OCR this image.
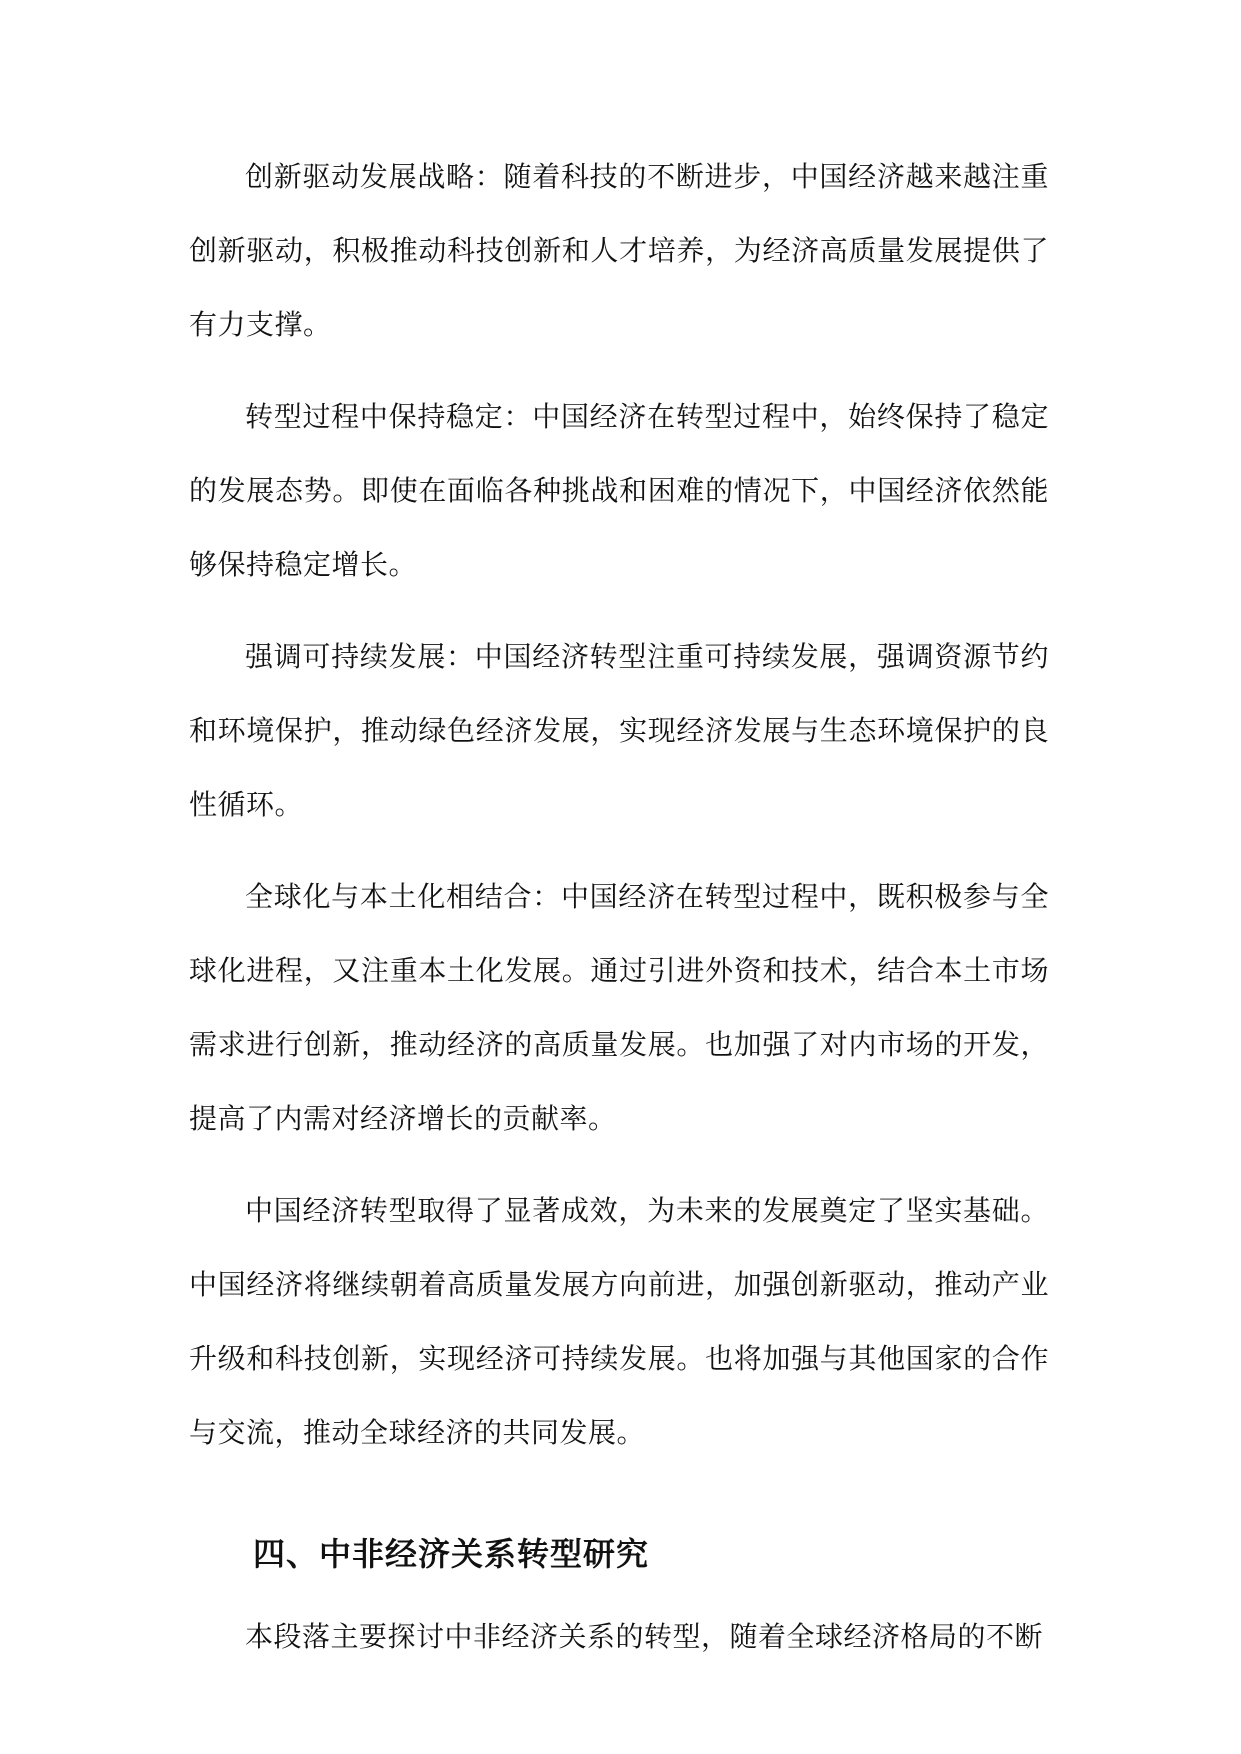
创新驱动发展战略：随着科技的不断进步，中国经济越来越注重创新驱动，积极推动科技创新和人才培养，为经济高质量发展提供了有力支撑。

转型过程中保持稳定：中国经济在转型过程中，始终保持了稳定的发展态势。即使在面临各种挑战和困难的情况下，中国经济依然能够保持稳定增长。

强调可持续发展：中国经济转型注重可持续发展，强调资源节约和环境保护，推动绿色经济发展，实现经济发展与生态环境保护的良性循环。

全球化与本土化相结合：中国经济在转型过程中，既积极参与全球化进程，又注重本土化发展。通过引进外资和技术，结合本土市场需求进行创新，推动经济的高质量发展。也加强了对内市场的开发，提高了内需对经济增长的贡献率。

中国经济转型取得了显著成效，为未来的发展奠定了坚实基础。中国经济将继续朝着高质量发展方向前进，加强创新驱动，推动产业升级和科技创新，实现经济可持续发展。也将加强与其他国家的合作与交流，推动全球经济的共同发展。

四、中非经济关系转型研究

本段落主要探讨中非经济关系的转型，随着全球经济格局的不断
